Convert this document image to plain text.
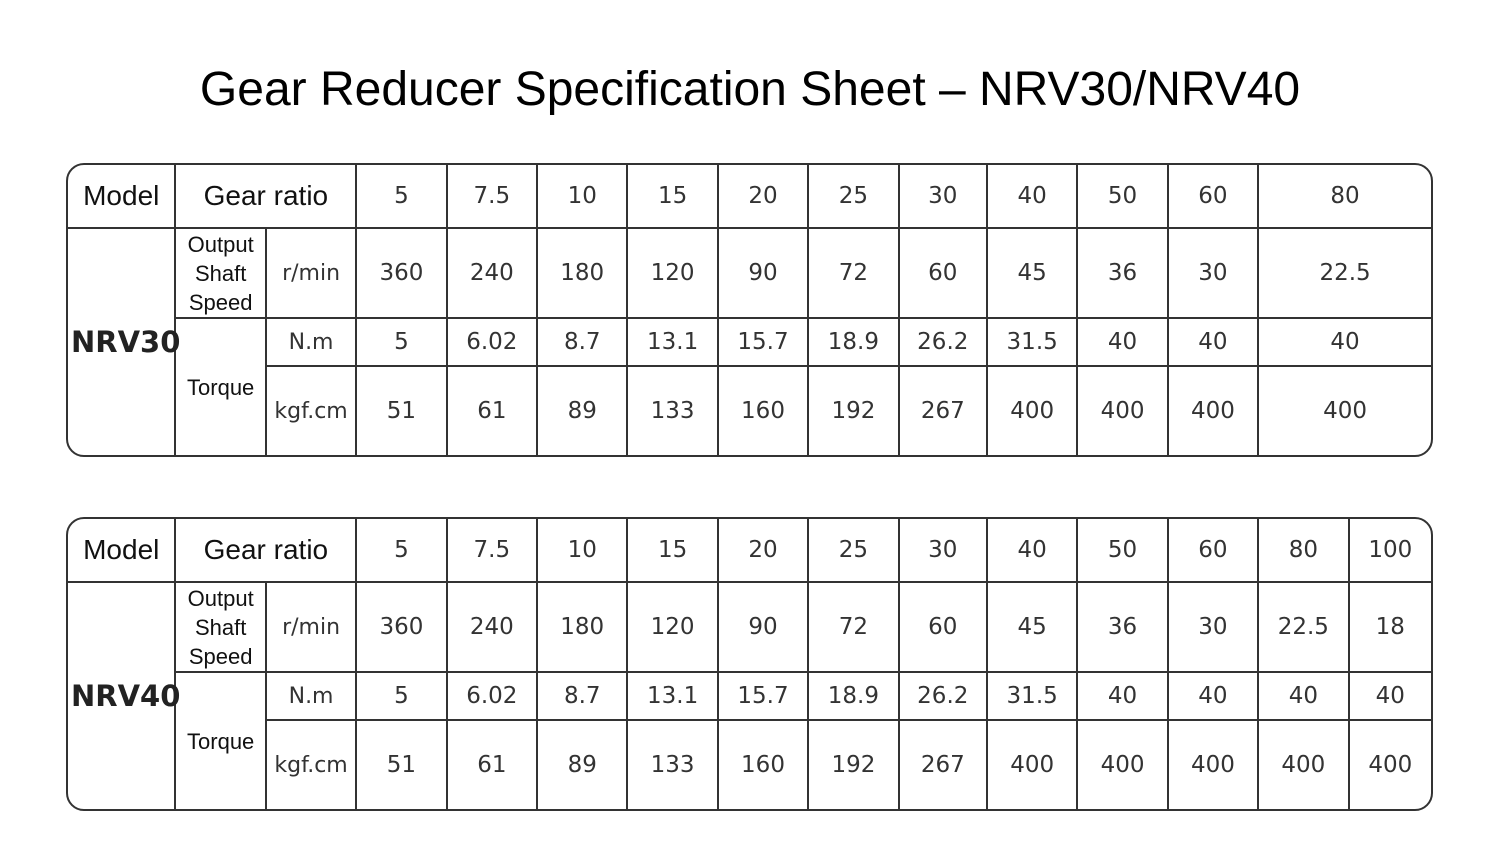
Gear Reducer Specification Sheet – NRV30/NRV40
Model	Gear ratio		5	7.5	10	15	20	25	30	40	50	60	80
NRV30	Output
Shaft
Speed	r/min	360	240	180	120	90	72	60	45	36	30	22.5
	Torque	N.m	5	6.02	8.7	13.1	15.7	18.9	26.2	31.5	40	40	40
		kgf.cm	51	61	89	133	160	192	267	400	400	400	400
Model	Gear ratio		5	7.5	10	15	20	25	30	40	50	60	80	100
NRV40	Output
Shaft
Speed	r/min	360	240	180	120	90	72	60	45	36	30	22.5	18
	Torque	N.m	5	6.02	8.7	13.1	15.7	18.9	26.2	31.5	40	40	40	40
		kgf.cm	51	61	89	133	160	192	267	400	400	400	400	400
